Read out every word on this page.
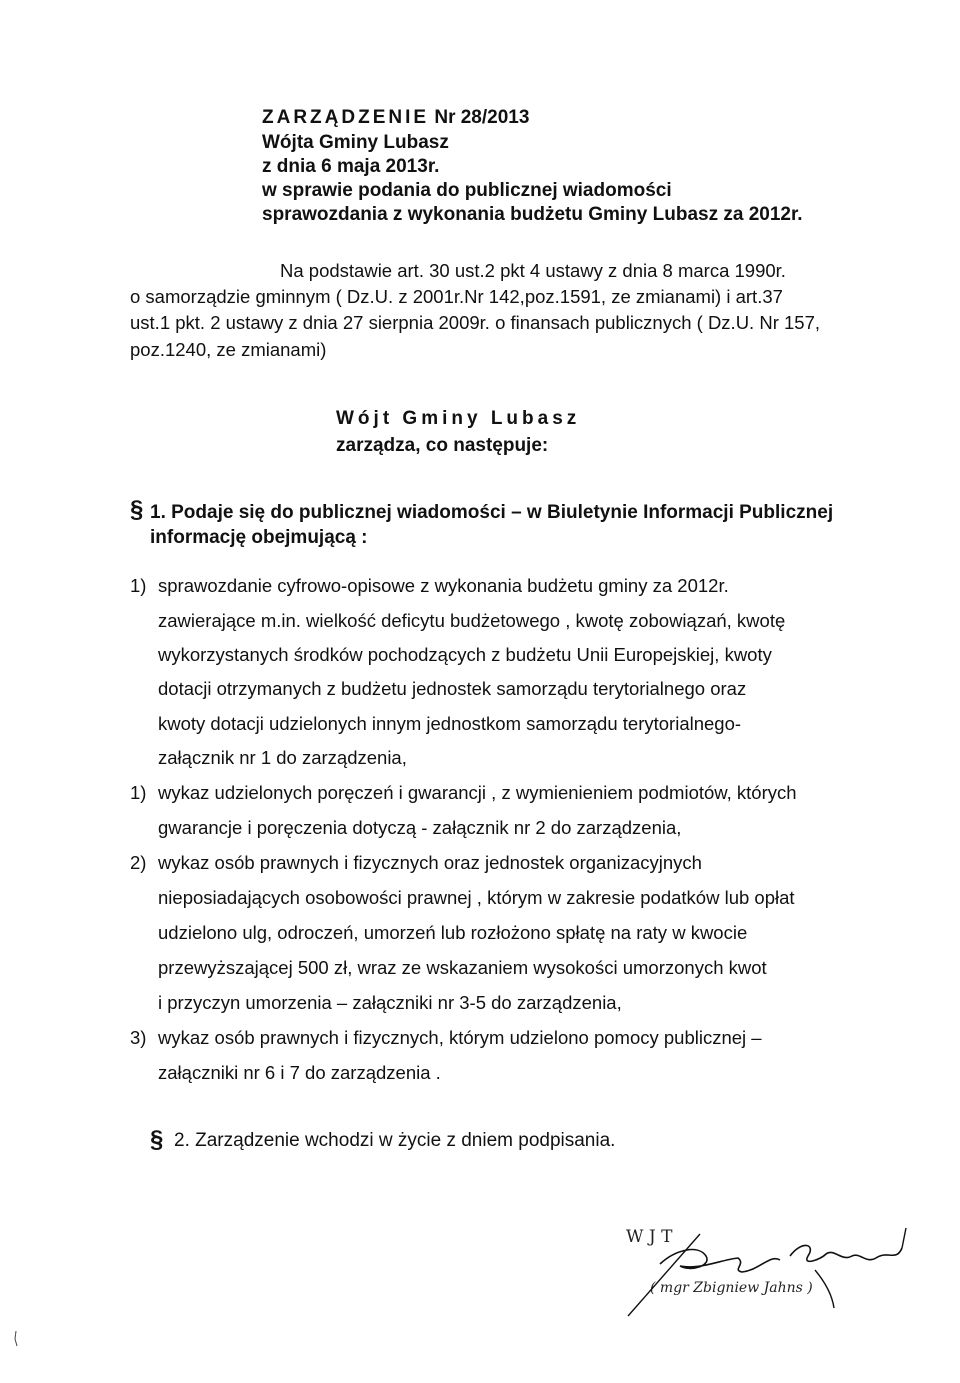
ZARZĄDZENIE Nr 28/2013
Wójta Gminy Lubasz
z dnia 6 maja 2013r.
w sprawie podania do publicznej wiadomości
sprawozdania z wykonania budżetu Gminy Lubasz za 2012r.
Na podstawie art. 30 ust.2 pkt 4 ustawy z dnia 8 marca 1990r.
o samorządzie gminnym ( Dz.U. z 2001r.Nr 142,poz.1591, ze zmianami) i art.37
ust.1 pkt. 2 ustawy z dnia 27 sierpnia 2009r. o finansach publicznych ( Dz.U. Nr 157,
poz.1240, ze zmianami)
Wójt Gminy Lubasz
zarządza, co następuje:
§ 1. Podaje się do publicznej wiadomości – w Biuletynie Informacji Publicznej
informację obejmującą :
1) sprawozdanie cyfrowo-opisowe z wykonania budżetu gminy za 2012r.
zawierające m.in. wielkość deficytu budżetowego , kwotę zobowiązań, kwotę
wykorzystanych środków pochodzących z budżetu Unii Europejskiej, kwoty
dotacji otrzymanych z budżetu jednostek samorządu terytorialnego oraz
kwoty dotacji udzielonych innym jednostkom samorządu terytorialnego-
załącznik nr 1 do zarządzenia,
1) wykaz udzielonych poręczeń i gwarancji , z wymienieniem podmiotów, których
gwarancje i poręczenia dotyczą - załącznik nr 2 do zarządzenia,
2) wykaz osób prawnych i fizycznych oraz jednostek organizacyjnych
nieposiadających osobowości prawnej , którym w zakresie podatków lub opłat
udzielono ulg, odroczeń, umorzeń lub rozłożono spłatę na raty w kwocie
przewyższającej 500 zł, wraz ze wskazaniem wysokości umorzonych kwot
i przyczyn umorzenia – załączniki nr 3-5 do zarządzenia,
3) wykaz osób prawnych i fizycznych, którym udzielono pomocy publicznej –
załączniki nr 6 i 7 do zarządzenia .
§ 2. Zarządzenie wchodzi w życie z dniem podpisania.
W J T
( mgr Zbigniew Jahns )
